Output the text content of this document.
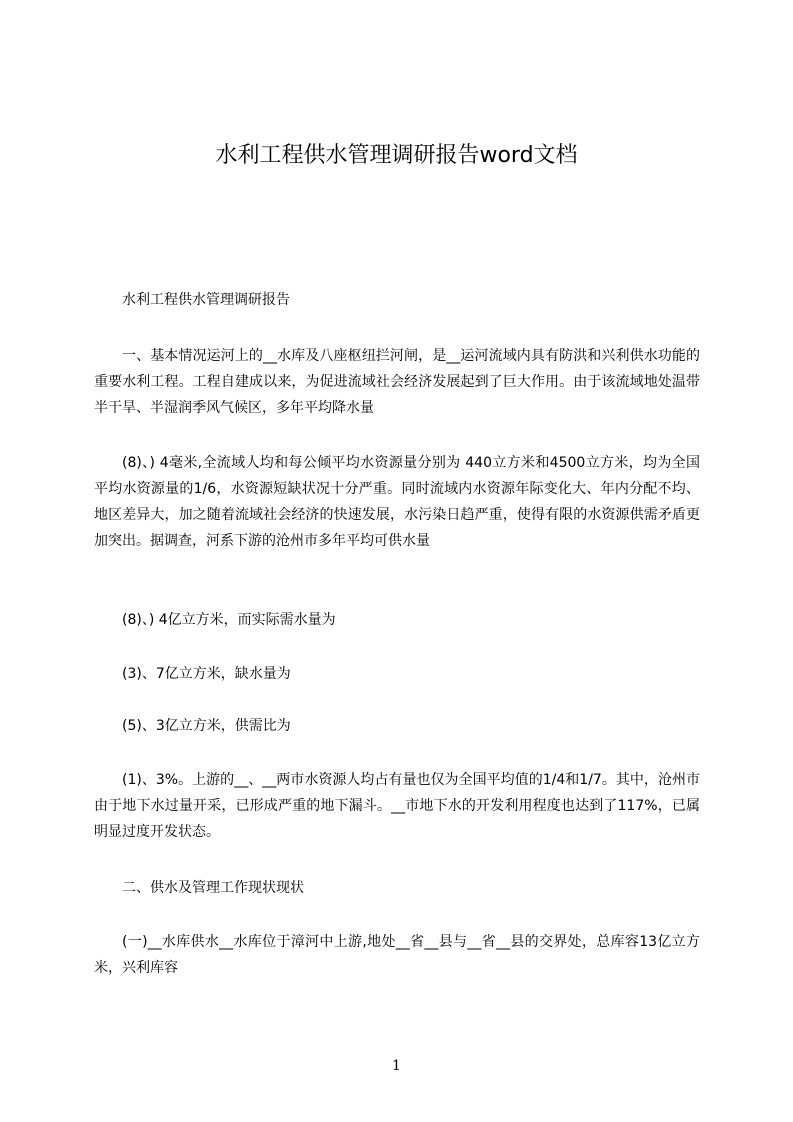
水利工程供水管理调研报告word文档

水利工程供水管理调研报告

一、基本情况运河上的__水库及八座枢纽拦河闸，是__运河流域内具有防洪和兴利供水功能的重要水利工程。工程自建成以来，为促进流域社会经济发展起到了巨大作用。由于该流域地处温带半干旱、半湿润季风气候区，多年平均降水量

(8)、) 4毫米,全流域人均和每公倾平均水资源量分别为 440立方米和4500立方米，均为全国平均水资源量的1/6，水资源短缺状况十分严重。同时流域内水资源年际变化大、年内分配不均、地区差异大，加之随着流域社会经济的快速发展，水污染日趋严重，使得有限的水资源供需矛盾更加突出。据调查，河系下游的沧州市多年平均可供水量

(8)、) 4亿立方米，而实际需水量为

(3)、7亿立方米，缺水量为

(5)、3亿立方米，供需比为

(1)、3%。上游的__、__两市水资源人均占有量也仅为全国平均值的1/4和1/7。其中，沧州市由于地下水过量开采，已形成严重的地下漏斗。__市地下水的开发利用程度也达到了117%，已属明显过度开发状态。

二、供水及管理工作现状现状

(一)__水库供水__水库位于漳河中上游,地处__省__县与__省__县的交界处，总库容13亿立方米，兴利库容

1
